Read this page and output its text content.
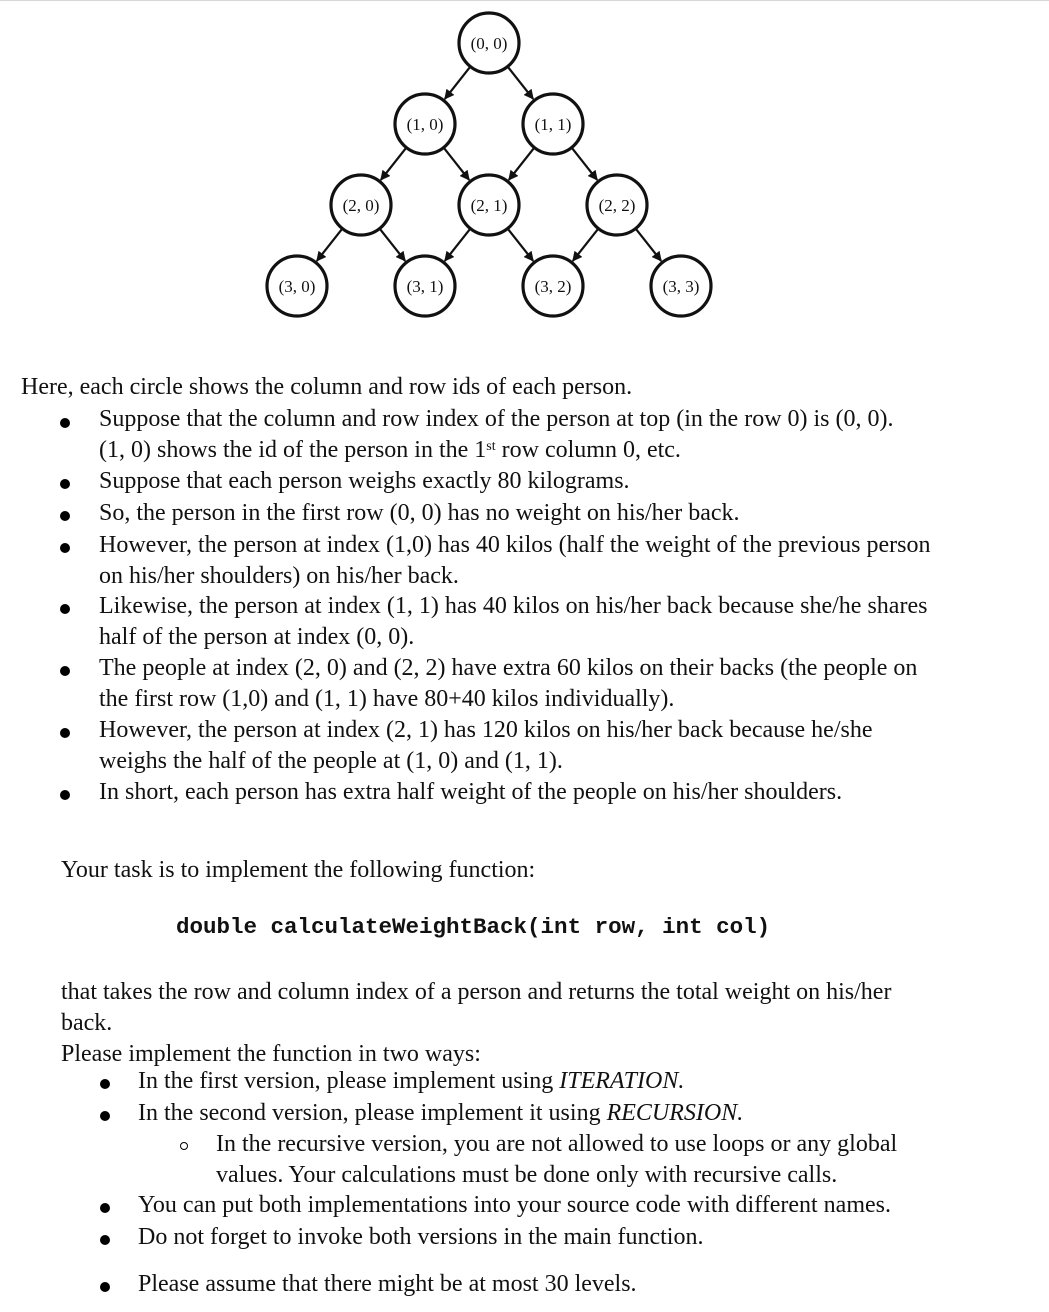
(0, 0)
(1, 0)	(1, 1)
(2, 0)	(2, 1)	(2, 2)
(3, 0)	(3, 1)	(3, 2)	(3, 3)
Here, each circle shows the column and row ids of each person.
Suppose that the column and row index of the person at top (in the row 0) is (0, 0).
(1, 0) shows the id of the person in the 1st row column 0, etc.
Suppose that each person weighs exactly 80 kilograms.
So, the person in the first row (0, 0) has no weight on his/her back.
However, the person at index (1,0) has 40 kilos (half the weight of the previous person
on his/her shoulders) on his/her back.
Likewise, the person at index (1, 1) has 40 kilos on his/her back because she/he shares
half of the person at index (0, 0).
The people at index (2, 0) and (2, 2) have extra 60 kilos on their backs (the people on
the first row (1,0) and (1, 1) have 80+40 kilos individually).
However, the person at index (2, 1) has 120 kilos on his/her back because he/she
weighs the half of the people at (1, 0) and (1, 1).
In short, each person has extra half weight of the people on his/her shoulders.
Your task is to implement the following function:
double calculateWeightBack(int row, int col)
that takes the row and column index of a person and returns the total weight on his/her
back.
Please implement the function in two ways:
In the first version, please implement using ITERATION.
In the second version, please implement it using RECURSION.
In the recursive version, you are not allowed to use loops or any global
values. Your calculations must be done only with recursive calls.
You can put both implementations into your source code with different names.
Do not forget to invoke both versions in the main function.
Please assume that there might be at most 30 levels.
